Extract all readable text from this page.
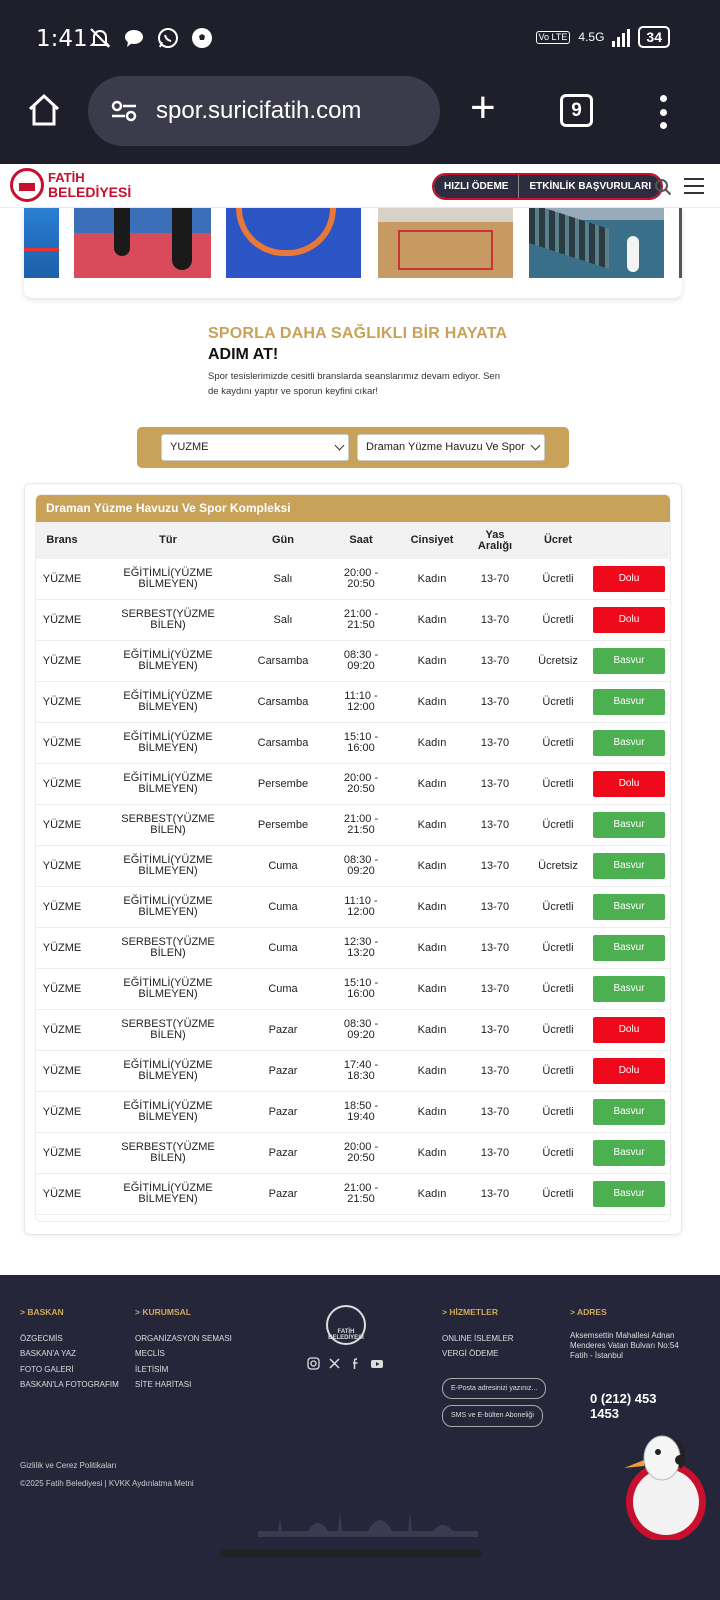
1:41	Vo LTE 4.5G	34
spor.suricifatih.com +	9
FATİH
BELEDİYESİ	HIZLI ÖDEME	ETKİNLİK BAŞVURULARI
SPORLA DAHA SAĞLIKLI BİR HAYATA
ADIM AT!
Spor tesislerimizde cesitli branslarda seanslarımız devam ediyor. Sen de kaydını yaptır ve sporun keyfini cıkar!
YUZME	Draman Yüzme Havuzu Ve Spor
Draman Yüzme Havuzu Ve Spor Kompleksi
Brans	Tür	Gün	Saat	Cinsiyet	Yas Aralığı	Ücret
YÜZME	EĞİTİMLİ(YÜZME BİLMEYEN)	Salı	20:00 - 20:50	Kadın	13-70	Ücretli	Dolu
YÜZME	SERBEST(YÜZME BİLEN)	Salı	21:00 - 21:50	Kadın	13-70	Ücretli	Dolu
YÜZME	EĞİTİMLİ(YÜZME BİLMEYEN)	Carsamba	08:30 - 09:20	Kadın	13-70	Ücretsiz	Basvur
YÜZME	EĞİTİMLİ(YÜZME BİLMEYEN)	Carsamba	11:10 - 12:00	Kadın	13-70	Ücretli	Basvur
YÜZME	EĞİTİMLİ(YÜZME BİLMEYEN)	Carsamba	15:10 - 16:00	Kadın	13-70	Ücretli	Basvur
YÜZME	EĞİTİMLİ(YÜZME BİLMEYEN)	Persembe	20:00 - 20:50	Kadın	13-70	Ücretli	Dolu
YÜZME	SERBEST(YÜZME BİLEN)	Persembe	21:00 - 21:50	Kadın	13-70	Ücretli	Basvur
YÜZME	EĞİTİMLİ(YÜZME BİLMEYEN)	Cuma	08:30 - 09:20	Kadın	13-70	Ücretsiz	Basvur
YÜZME	EĞİTİMLİ(YÜZME BİLMEYEN)	Cuma	11:10 - 12:00	Kadın	13-70	Ücretli	Basvur
YÜZME	SERBEST(YÜZME BİLEN)	Cuma	12:30 - 13:20	Kadın	13-70	Ücretli	Basvur
YÜZME	EĞİTİMLİ(YÜZME BİLMEYEN)	Cuma	15:10 - 16:00	Kadın	13-70	Ücretli	Basvur
YÜZME	SERBEST(YÜZME BİLEN)	Pazar	08:30 - 09:20	Kadın	13-70	Ücretli	Dolu
YÜZME	EĞİTİMLİ(YÜZME BİLMEYEN)	Pazar	17:40 - 18:30	Kadın	13-70	Ücretli	Dolu
YÜZME	EĞİTİMLİ(YÜZME BİLMEYEN)	Pazar	18:50 - 19:40	Kadın	13-70	Ücretli	Basvur
YÜZME	SERBEST(YÜZME BİLEN)	Pazar	20:00 - 20:50	Kadın	13-70	Ücretli	Basvur
YÜZME	EĞİTİMLİ(YÜZME BİLMEYEN)	Pazar	21:00 - 21:50	Kadın	13-70	Ücretli	Basvur
> BASKAN
ÖZGECMİS
BASKAN'A YAZ
FOTO GALERİ
BASKAN'LA FOTOGRAFIM
> KURUMSAL
ORGANİZASYON SEMASI
MECLİS
İLETİSİM
SİTE HARİTASI
FATİH BELEDİYESİ
> HİZMETLER
ONLINE İSLEMLER
VERGİ ÖDEME
E-Posta adresinizi yazınız...
SMS ve E-bülten Aboneliği
> ADRES
Aksemsettin Mahallesi Adnan Menderes Vatan Bulvarı No:54 Fatih - İstanbul
0 (212) 453 1453
Gizlilik ve Cerez Politikaları
©2025 Fatih Belediyesi | KVKK Aydınlatma Metni
